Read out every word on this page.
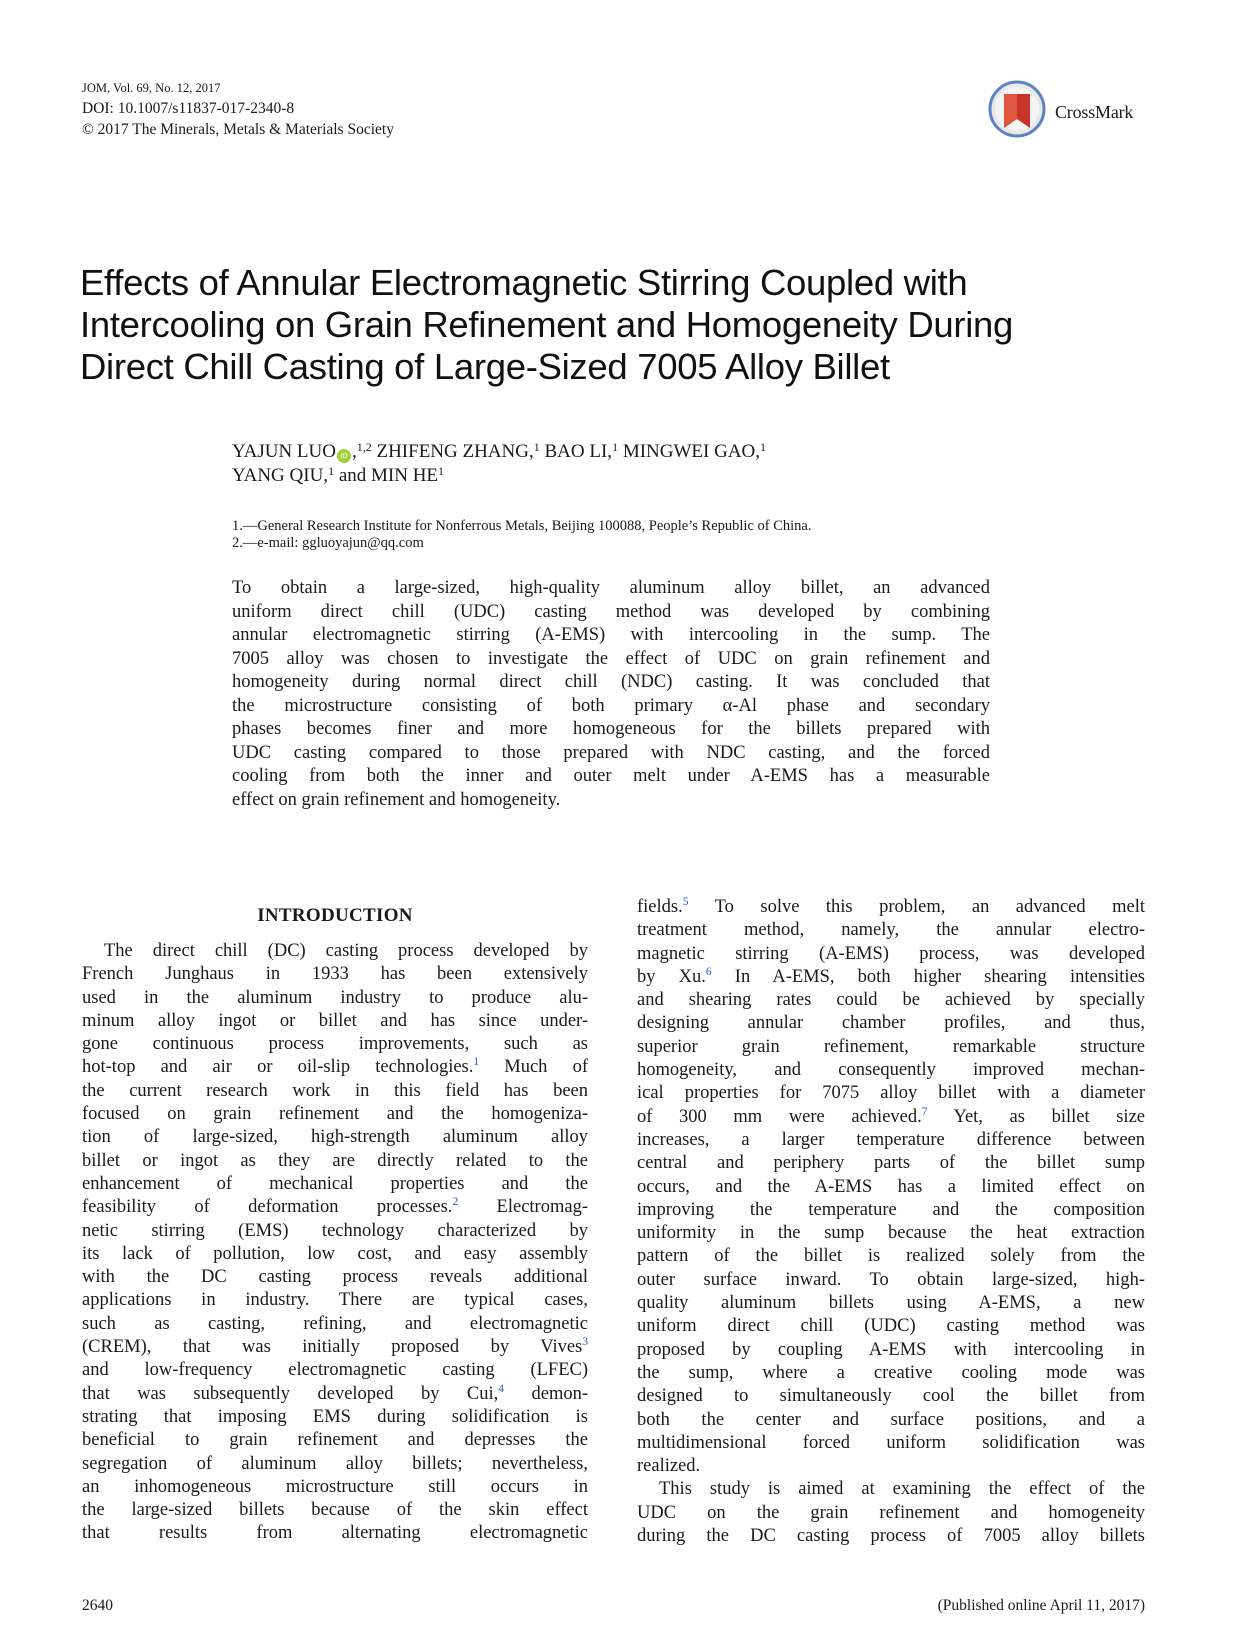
JOM, Vol. 69, No. 12, 2017
DOI: 10.1007/s11837-017-2340-8
© 2017 The Minerals, Metals & Materials Society
CrossMark
Effects of Annular Electromagnetic Stirring Coupled with
Intercooling on Grain Refinement and Homogeneity During
Direct Chill Casting of Large-Sized 7005 Alloy Billet
YAJUN LUO iD ,$^{1,2}$ ZHIFENG ZHANG,$^1$ BAO LI,$^1$ MINGWEI GAO,$^1$
YANG QIU,$^1$ and MIN $HE^1$
1.—General Research Institute for Nonferrous Metals, Beijing 100088, People’s Republic of China.
2.—e-mail: ggluoyajun@qq.com
To obtain a large-sized, high-quality aluminum alloy billet, an advanced
uniform direct chill (UDC) casting method was developed by combining
annular electromagnetic stirring (A-EMS) with intercooling in the sump. The
7005 alloy was chosen to investigate the effect of UDC on grain refinement and
homogeneity during normal direct chill (NDC) casting. It was concluded that
the microstructure consisting of both primary α-Al phase and secondary
phases becomes finer and more homogeneous for the billets prepared with
UDC casting compared to those prepared with NDC casting, and the forced
cooling from both the inner and outer melt under A-EMS has a measurable
effect on grain refinement and homogeneity.
INTRODUCTION
The direct chill (DC) casting process developed by
French Junghaus in 1933 has been extensively
used in the aluminum industry to produce alu-
minum alloy ingot or billet and has since under-
gone continuous process improvements, such as
hot-top and air or oil-slip technologies.$^1$ Much of
the current research work in this field has been
focused on grain refinement and the homogeniza-
tion of large-sized, high-strength aluminum alloy
billet or ingot as they are directly related to the
enhancement of mechanical properties and the
feasibility of deformation processes.$^2$ Electromag-
netic stirring (EMS) technology characterized by
its lack of pollution, low cost, and easy assembly
with the DC casting process reveals additional
applications in industry. There are typical cases,
such as casting, refining, and electromagnetic
(CREM), that was initially proposed by Vives$^3$
and low-frequency electromagnetic casting (LFEC)
that was subsequently developed by Cui,$^4$ demon-
strating that imposing EMS during solidification is
beneficial to grain refinement and depresses the
segregation of aluminum alloy billets; nevertheless,
an inhomogeneous microstructure still occurs in
the large-sized billets because of the skin effect
that results from alternating electromagnetic
fields.$^5$ To solve this problem, an advanced melt
treatment method, namely, the annular electro-
magnetic stirring (A-EMS) process, was developed
by Xu.$^6$ In A-EMS, both higher shearing intensities
and shearing rates could be achieved by specially
designing annular chamber profiles, and thus,
superior grain refinement, remarkable structure
homogeneity, and consequently improved mechan-
ical properties for 7075 alloy billet with a diameter
of 300 mm were achieved.$^7$ Yet, as billet size
increases, a larger temperature difference between
central and periphery parts of the billet sump
occurs, and the A-EMS has a limited effect on
improving the temperature and the composition
uniformity in the sump because the heat extraction
pattern of the billet is realized solely from the
outer surface inward. To obtain large-sized, high-
quality aluminum billets using A-EMS, a new
uniform direct chill (UDC) casting method was
proposed by coupling A-EMS with intercooling in
the sump, where a creative cooling mode was
designed to simultaneously cool the billet from
both the center and surface positions, and a
multidimensional forced uniform solidification was
realized.
This study is aimed at examining the effect of the
UDC on the grain refinement and homogeneity
during the DC casting process of 7005 alloy billets
2640	(Published online April 11, 2017)
